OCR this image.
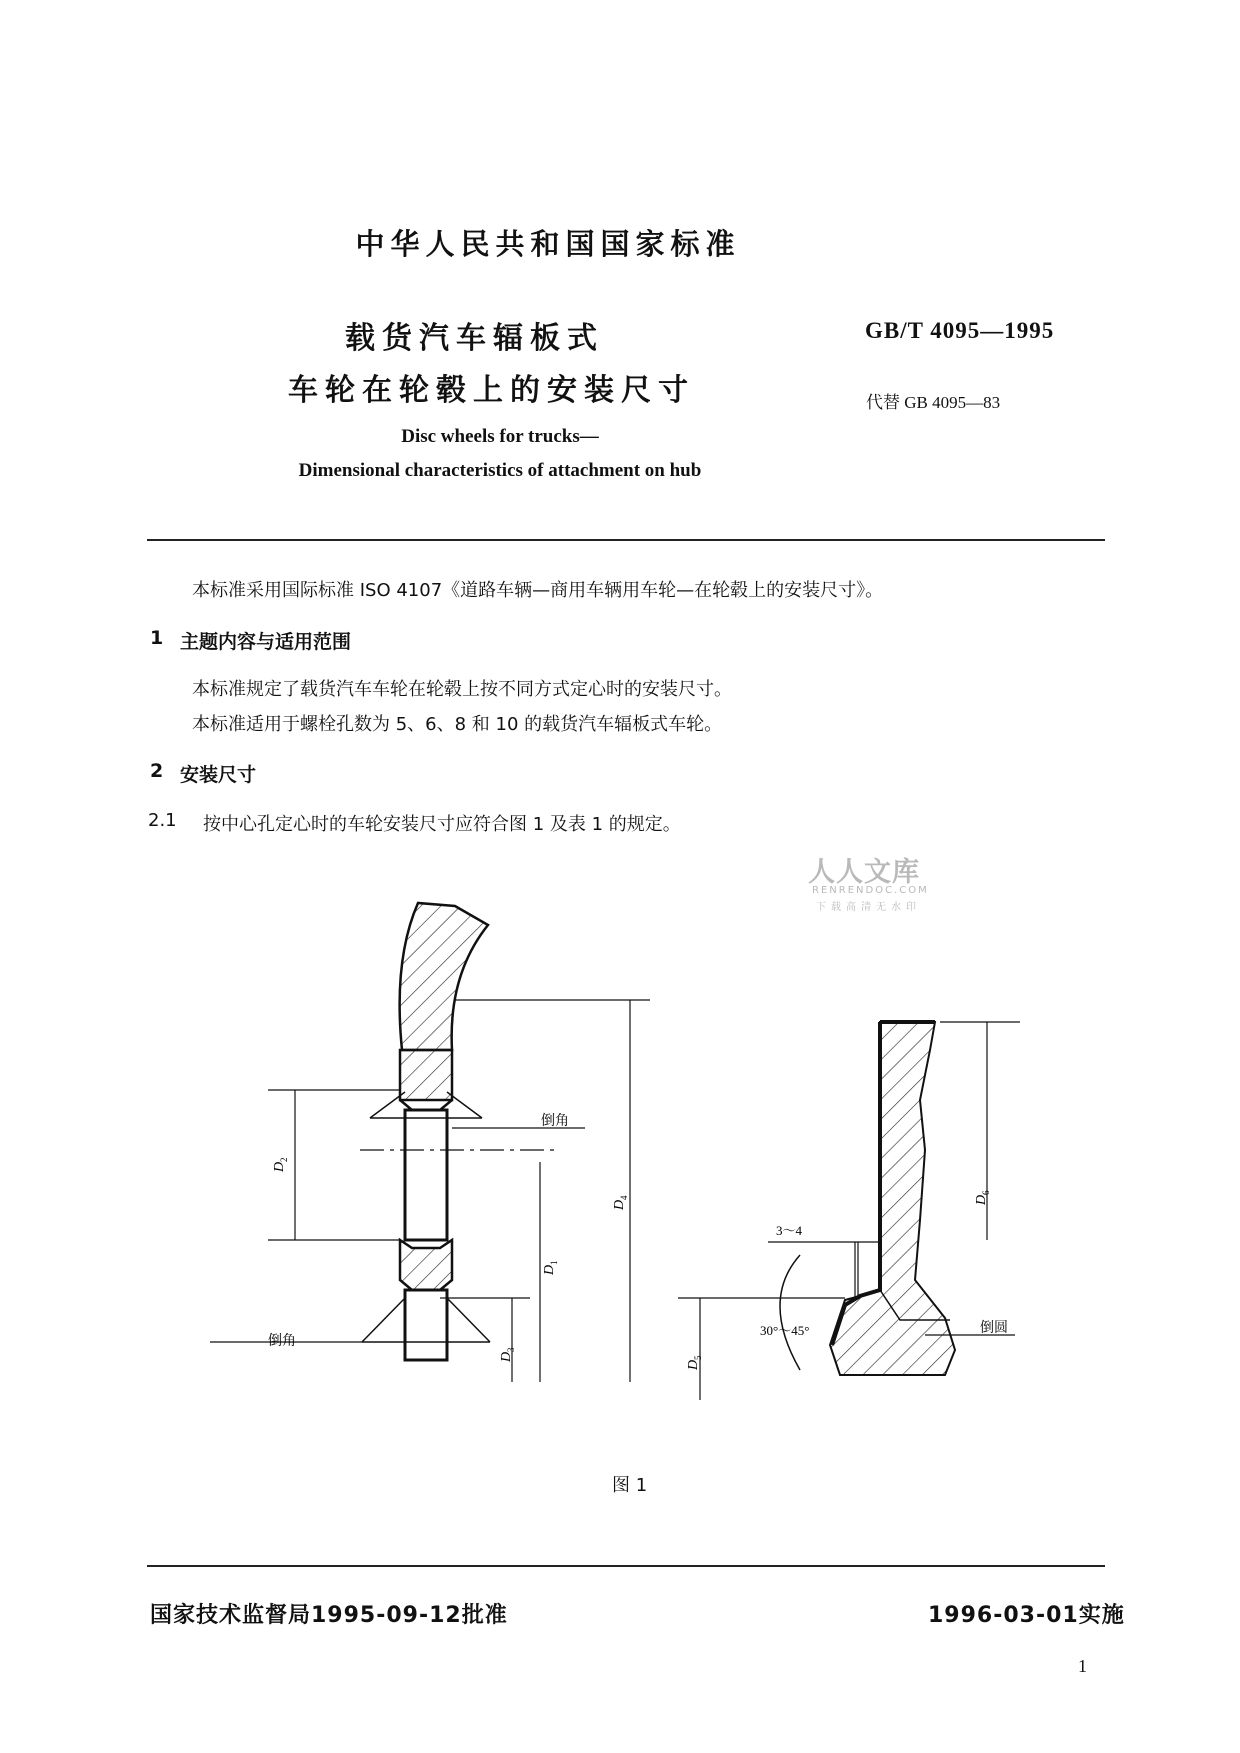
中华人民共和国国家标准
载货汽车辐板式
车轮在轮毂上的安装尺寸
GB/T 4095—1995
代替 GB 4095—83
Disc wheels for trucks—
Dimensional characteristics of attachment on hub
本标准采用国际标准 ISO 4107《道路车辆—商用车辆用车轮—在轮毂上的安装尺寸》。
1 主题内容与适用范围
本标准规定了载货汽车车轮在轮毂上按不同方式定心时的安装尺寸。
本标准适用于螺栓孔数为 5、6、8 和 10 的载货汽车辐板式车轮。
2 安装尺寸
2.1 按中心孔定心时的车轮安装尺寸应符合图 1 及表 1 的规定。
人人文库
RENRENDOC.COM
下载高清无水印
倒角
倒角
倒圆
3～4
30°～45°
D
2
D
4
D
1
D
3
D
6
D
5
图 1
国家技术监督局1995-09-12批准	1996-03-01实施
1
